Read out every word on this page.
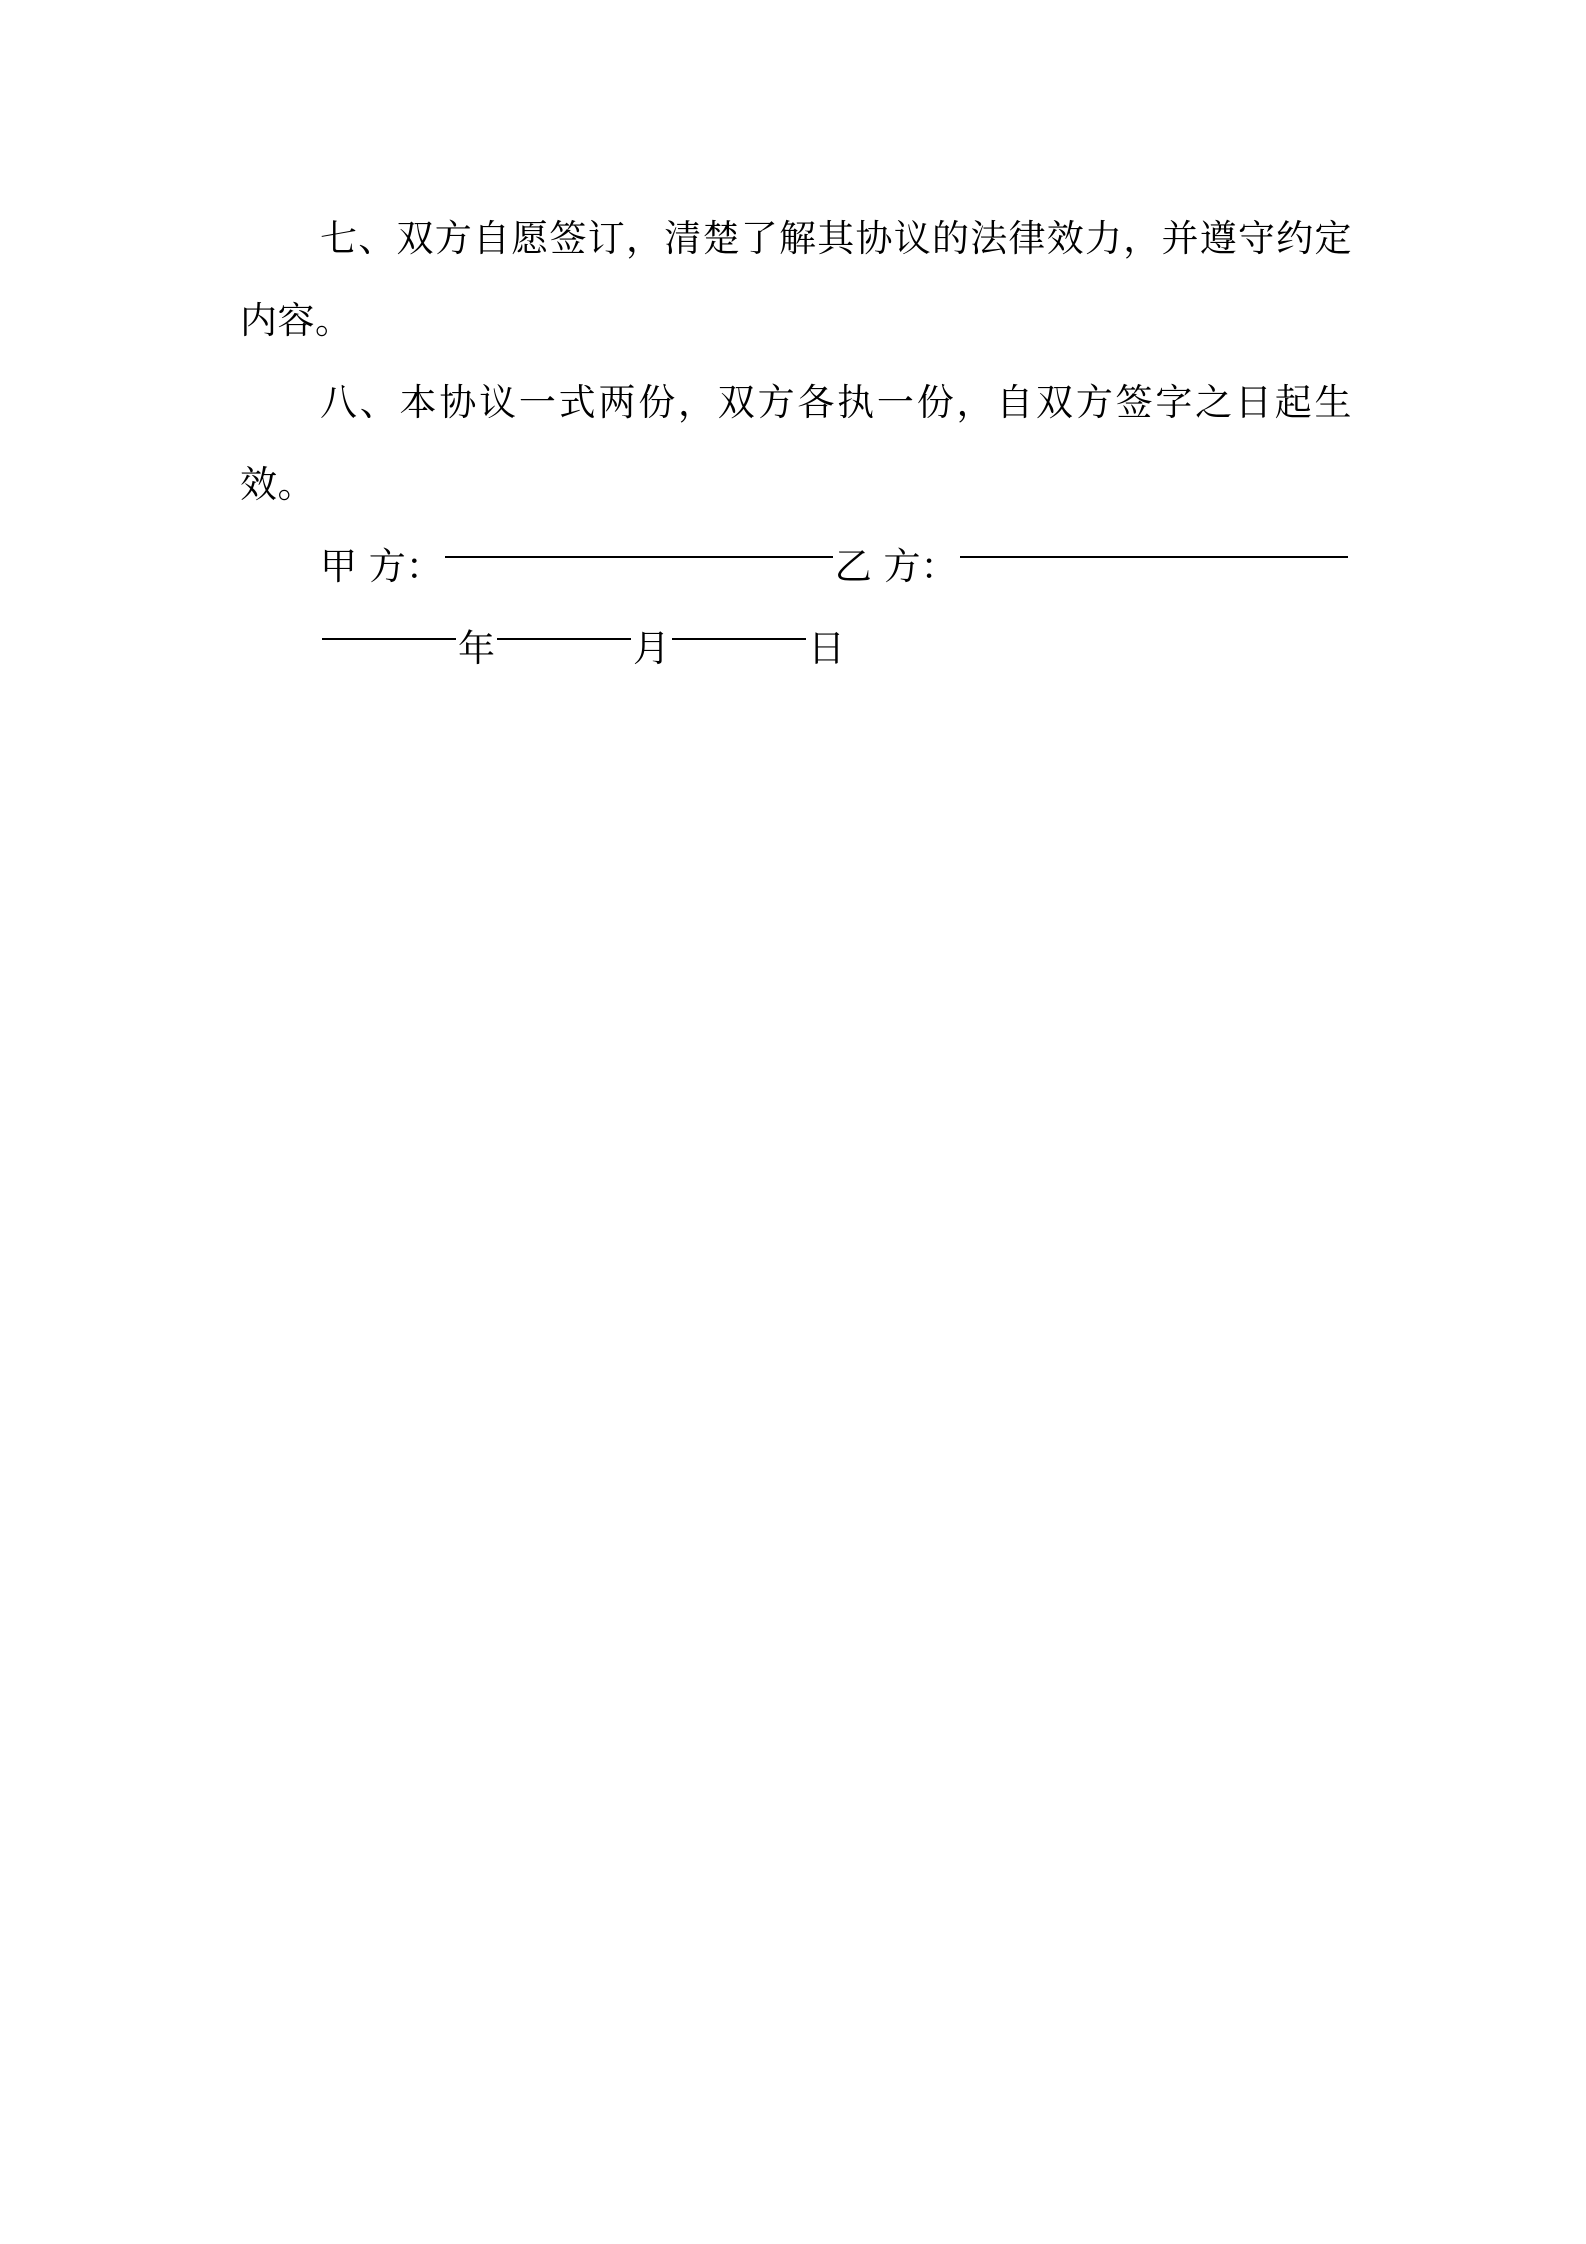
七、双方自愿签订，清楚了解其协议的法律效力，并遵守约定内容。

八、本协议一式两份，双方各执一份，自双方签字之日起生效。

甲 方：	乙 方：
年	月	日
